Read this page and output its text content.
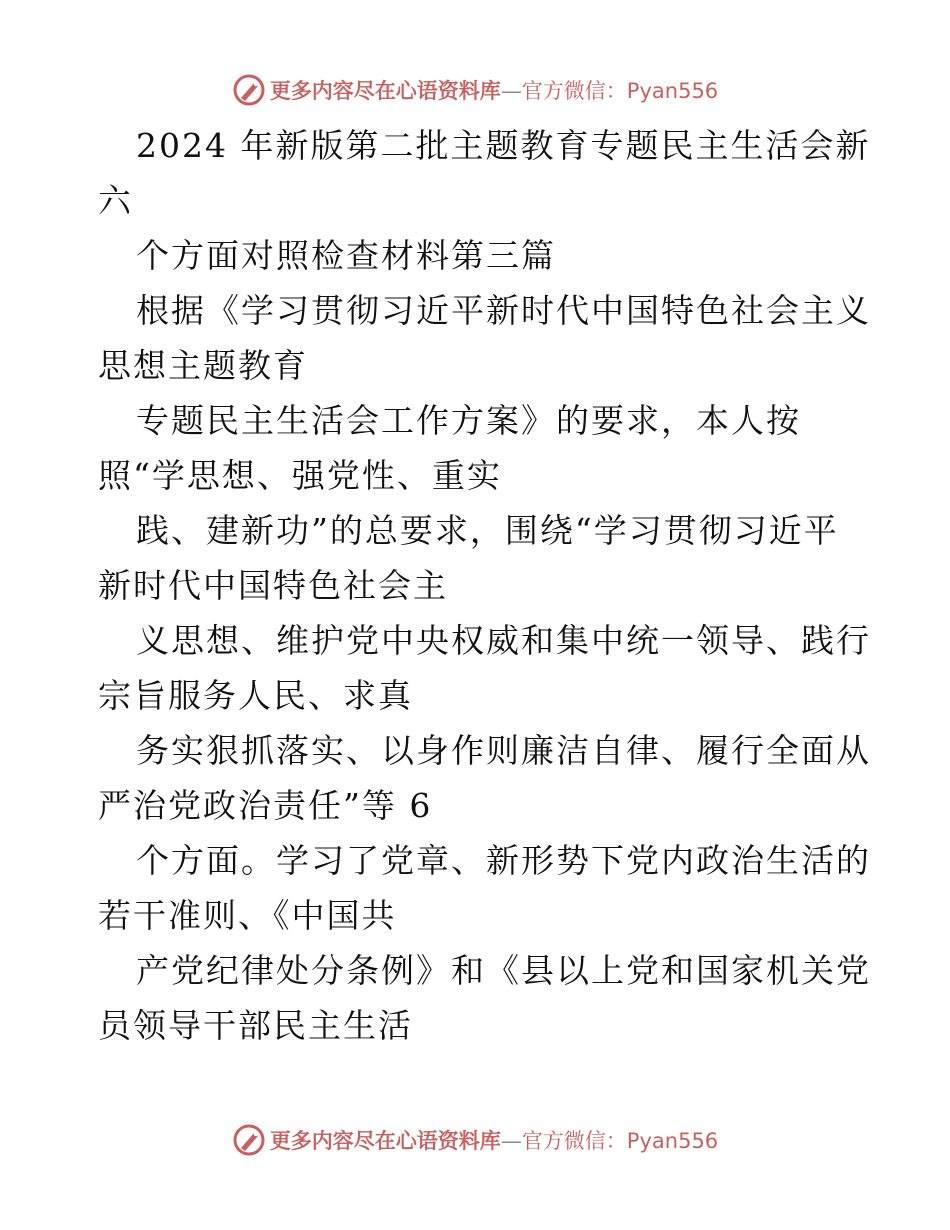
更多内容尽在心语资料库—官方微信：Pyan556
2024 年新版第二批主题教育专题民主生活会新
六
个方面对照检查材料第三篇
根据《学习贯彻习近平新时代中国特色社会主义
思想主题教育
专题民主生活会工作方案》的要求，本人按
照“学思想、强党性、重实
践、建新功”的总要求，围绕“学习贯彻习近平
新时代中国特色社会主
义思想、维护党中央权威和集中统一领导、践行
宗旨服务人民、求真
务实狠抓落实、以身作则廉洁自律、履行全面从
严治党政治责任”等 6
个方面。学习了党章、新形势下党内政治生活的
若干准则、《中国共
产党纪律处分条例》和《县以上党和国家机关党
员领导干部民主生活
更多内容尽在心语资料库—官方微信：Pyan556
